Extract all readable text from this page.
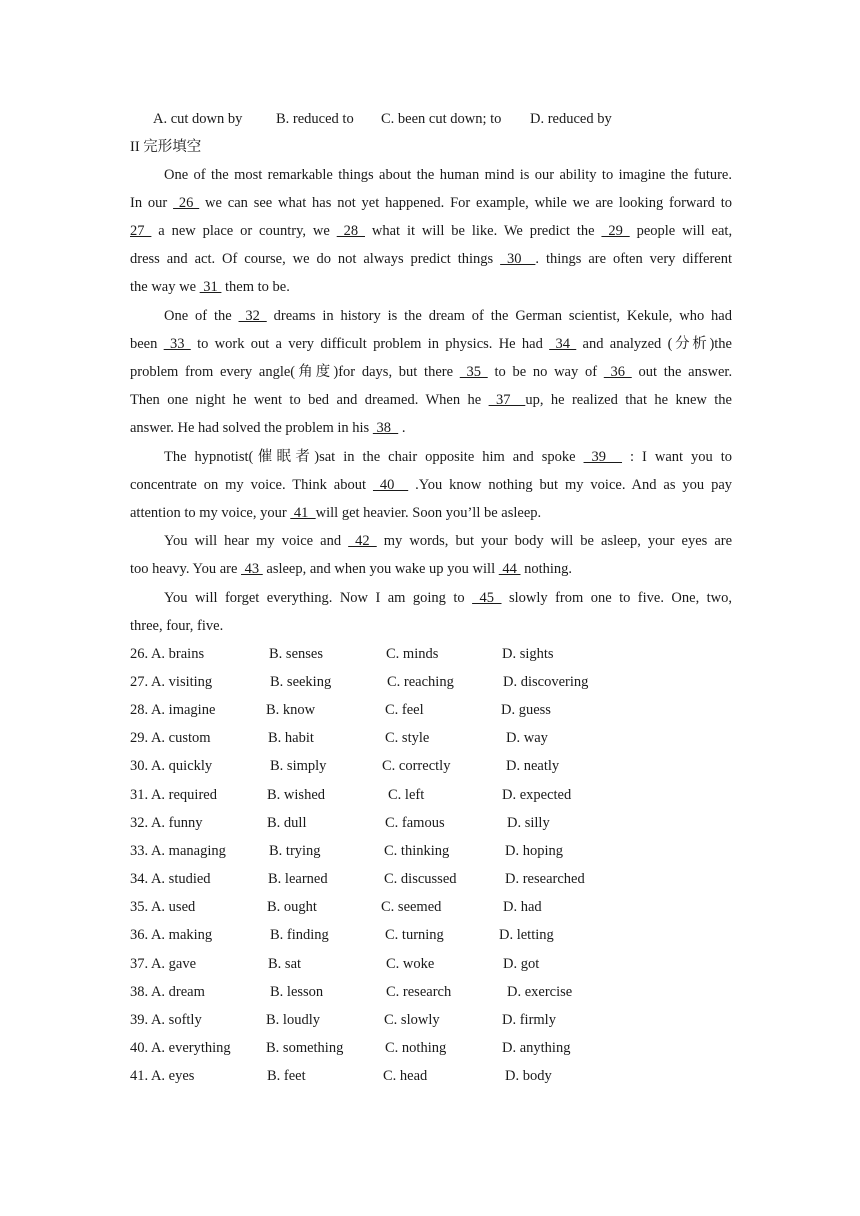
A. cut down by B. reduced to C. been cut down; to D. reduced by
II 完形填空
One of the most remarkable things about the human mind is our ability to imagine the future.
In our  26  we can see what has not yet happened. For example, while we are looking forward to
27  a new place or country, we  28  what it will be like. We predict the  29  people will eat,
dress and act. Of course, we do not always predict things  30  . things are often very different
the way we  31  them to be.
One of the  32  dreams in history is the dream of the German scientist, Kekule, who had
been  33  to work out a very difficult problem in physics. He had  34  and analyzed (分析)the
problem from every angle(角度)for days, but there  35  to be no way of  36  out the answer.
Then one night he went to bed and dreamed. When he  37  up, he realized that he knew the
answer. He had solved the problem in his  38   .
The hypnotist(催眠者)sat in the chair opposite him and spoke  39   : I want you to
concentrate on my voice. Think about  40   .You know nothing but my voice. And as you pay
attention to my voice, your  41  will get heavier. Soon you’ll be asleep.
You will hear my voice and  42  my words, but your body will be asleep, your eyes are
too heavy. You are  43  asleep, and when you wake up you will  44  nothing.
You will forget everything. Now I am going to  45  slowly from one to five. One, two,
three, four, five.
26. A. brains	B. senses	C. minds	D. sights
27. A. visiting	B. seeking	C. reaching	D. discovering
28. A. imagine	B. know	C. feel	D. guess
29. A. custom	B. habit	C. style	D. way
30. A. quickly	B. simply	C. correctly	D. neatly
31. A. required	B. wished	C. left	D. expected
32. A. funny	B. dull	C. famous	D. silly
33. A. managing	B. trying	C. thinking	D. hoping
34. A. studied	B. learned	C. discussed	D. researched
35. A. used	B. ought	C. seemed	D. had
36. A. making	B. finding	C. turning	D. letting
37. A. gave	B. sat	C. woke	D. got
38. A. dream	B. lesson	C. research	D. exercise
39. A. softly	B. loudly	C. slowly	D. firmly
40. A. everything B. something	C. nothing	D. anything
41. A. eyes	B. feet	C. head	D. body
